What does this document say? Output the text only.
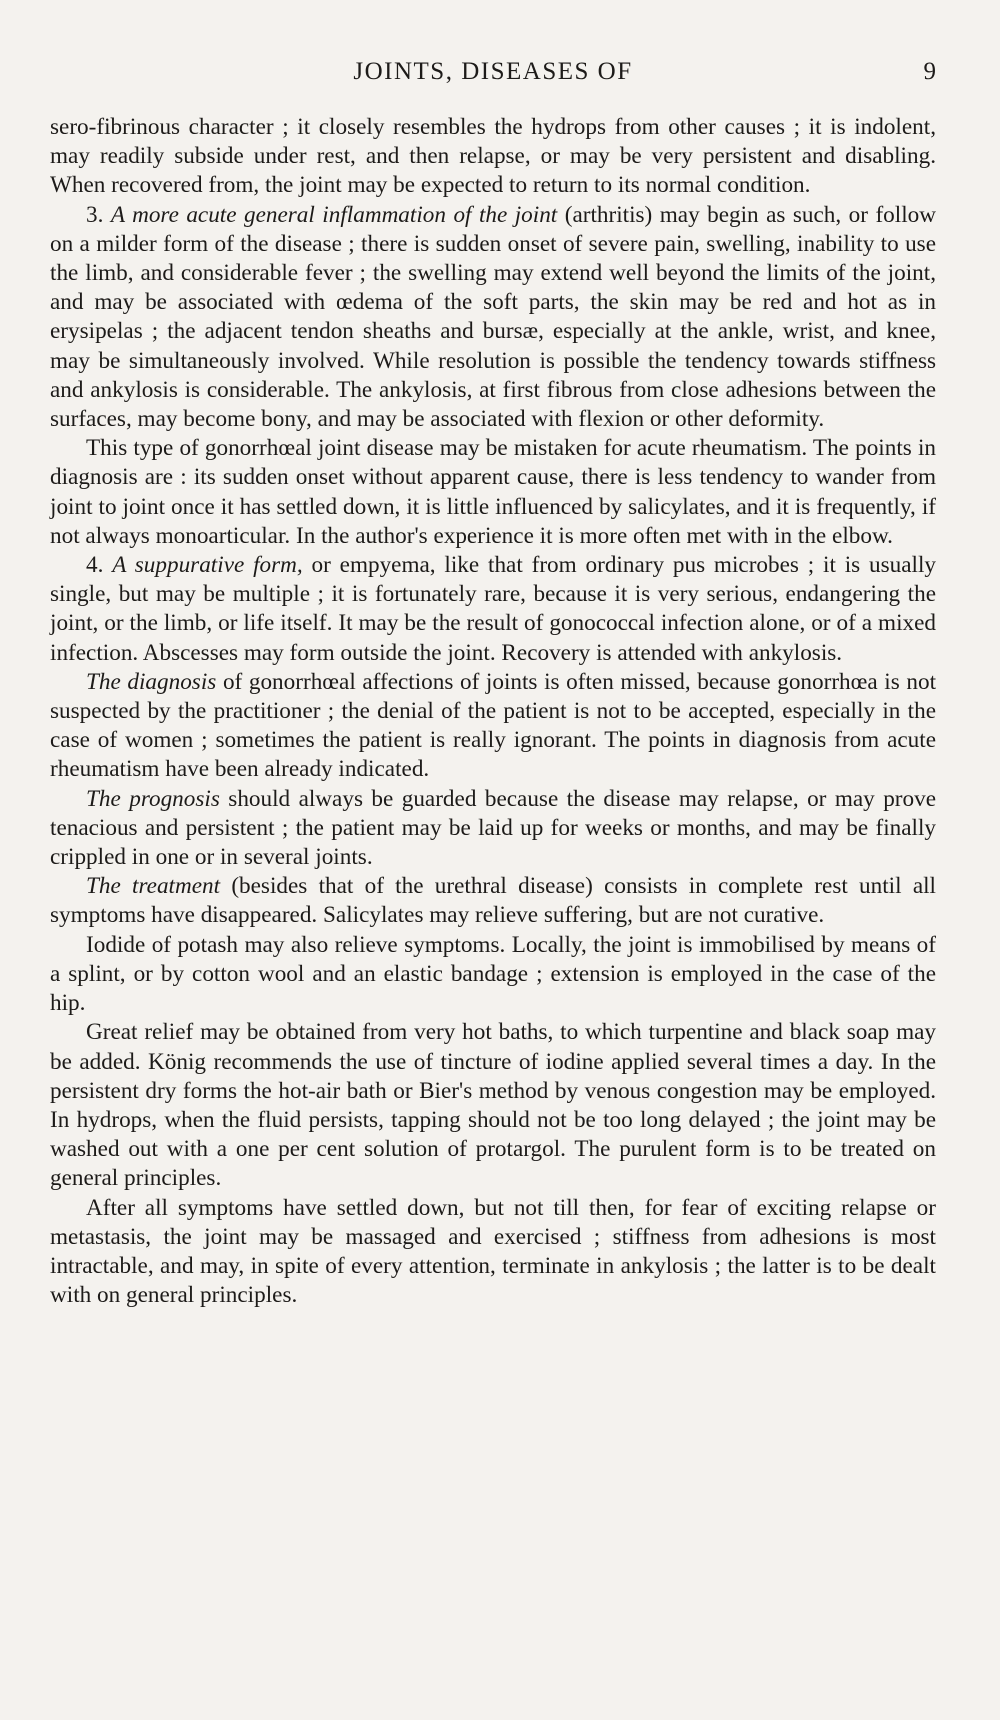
JOINTS, DISEASES OF	9

sero-fibrinous character ; it closely resembles the hydrops from other causes ; it is indolent, may readily subside under rest, and then relapse, or may be very persistent and disabling. When recovered from, the joint may be expected to return to its normal condition.

3. A more acute general inflammation of the joint (arthritis) may begin as such, or follow on a milder form of the disease ; there is sudden onset of severe pain, swelling, inability to use the limb, and considerable fever ; the swelling may extend well beyond the limits of the joint, and may be associated with œdema of the soft parts, the skin may be red and hot as in erysipelas ; the adjacent tendon sheaths and bursæ, especially at the ankle, wrist, and knee, may be simultaneously involved. While resolution is possible the tendency towards stiffness and ankylosis is considerable. The ankylosis, at first fibrous from close adhesions between the surfaces, may become bony, and may be associated with flexion or other deformity.

This type of gonorrhœal joint disease may be mistaken for acute rheumatism. The points in diagnosis are : its sudden onset without apparent cause, there is less tendency to wander from joint to joint once it has settled down, it is little influenced by salicylates, and it is frequently, if not always monoarticular. In the author's experience it is more often met with in the elbow.

4. A suppurative form, or empyema, like that from ordinary pus microbes ; it is usually single, but may be multiple ; it is fortunately rare, because it is very serious, endangering the joint, or the limb, or life itself. It may be the result of gonococcal infection alone, or of a mixed infection. Abscesses may form outside the joint. Recovery is attended with ankylosis.

The diagnosis of gonorrhœal affections of joints is often missed, because gonorrhœa is not suspected by the practitioner ; the denial of the patient is not to be accepted, especially in the case of women ; sometimes the patient is really ignorant. The points in diagnosis from acute rheumatism have been already indicated.

The prognosis should always be guarded because the disease may relapse, or may prove tenacious and persistent ; the patient may be laid up for weeks or months, and may be finally crippled in one or in several joints.

The treatment (besides that of the urethral disease) consists in complete rest until all symptoms have disappeared. Salicylates may relieve suffering, but are not curative.

Iodide of potash may also relieve symptoms. Locally, the joint is immobilised by means of a splint, or by cotton wool and an elastic bandage ; extension is employed in the case of the hip.

Great relief may be obtained from very hot baths, to which turpentine and black soap may be added. König recommends the use of tincture of iodine applied several times a day. In the persistent dry forms the hot-air bath or Bier's method by venous congestion may be employed. In hydrops, when the fluid persists, tapping should not be too long delayed ; the joint may be washed out with a one per cent solution of protargol. The purulent form is to be treated on general principles.

After all symptoms have settled down, but not till then, for fear of exciting relapse or metastasis, the joint may be massaged and exercised ; stiffness from adhesions is most intractable, and may, in spite of every attention, terminate in ankylosis ; the latter is to be dealt with on general principles.
